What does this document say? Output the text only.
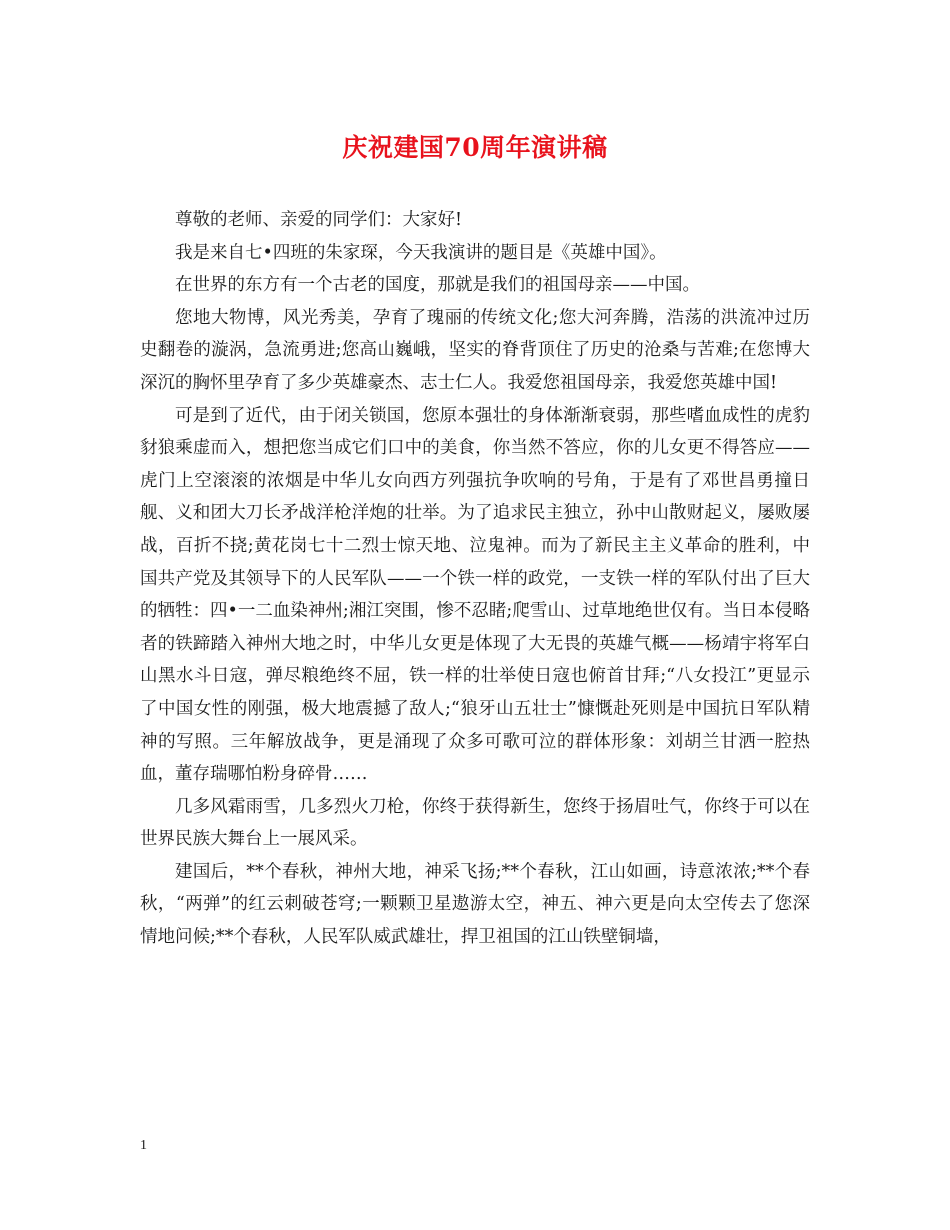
庆祝建国70周年演讲稿

尊敬的老师、亲爱的同学们：大家好!

我是来自七•四班的朱家琛，今天我演讲的题目是《英雄中国》。

在世界的东方有一个古老的国度，那就是我们的祖国母亲——中国。

您地大物博，风光秀美，孕育了瑰丽的传统文化;您大河奔腾，浩荡的洪流冲过历史翻卷的漩涡，急流勇进;您高山巍峨，坚实的脊背顶住了历史的沧桑与苦难;在您博大深沉的胸怀里孕育了多少英雄豪杰、志士仁人。我爱您祖国母亲，我爱您英雄中国!

可是到了近代，由于闭关锁国，您原本强壮的身体渐渐衰弱，那些嗜血成性的虎豹豺狼乘虚而入，想把您当成它们口中的美食，你当然不答应，你的儿女更不得答应——虎门上空滚滚的浓烟是中华儿女向西方列强抗争吹响的号角，于是有了邓世昌勇撞日舰、义和团大刀长矛战洋枪洋炮的壮举。为了追求民主独立，孙中山散财起义，屡败屡战，百折不挠;黄花岗七十二烈士惊天地、泣鬼神。而为了新民主主义革命的胜利，中国共产党及其领导下的人民军队——一个铁一样的政党，一支铁一样的军队付出了巨大的牺牲：四•一二血染神州;湘江突围，惨不忍睹;爬雪山、过草地绝世仅有。当日本侵略者的铁蹄踏入神州大地之时，中华儿女更是体现了大无畏的英雄气概——杨靖宇将军白山黑水斗日寇，弹尽粮绝终不屈，铁一样的壮举使日寇也俯首甘拜;“八女投江”更显示了中国女性的刚强，极大地震撼了敌人;“狼牙山五壮士”慷慨赴死则是中国抗日军队精神的写照。三年解放战争，更是涌现了众多可歌可泣的群体形象：刘胡兰甘洒一腔热血，董存瑞哪怕粉身碎骨……

几多风霜雨雪，几多烈火刀枪，你终于获得新生，您终于扬眉吐气，你终于可以在世界民族大舞台上一展风采。

建国后，**个春秋，神州大地，神采飞扬;**个春秋，江山如画，诗意浓浓;**个春秋，“两弹”的红云刺破苍穹;一颗颗卫星遨游太空，神五、神六更是向太空传去了您深情地问候;**个春秋，人民军队威武雄壮，捍卫祖国的江山铁壁铜墙，

1
